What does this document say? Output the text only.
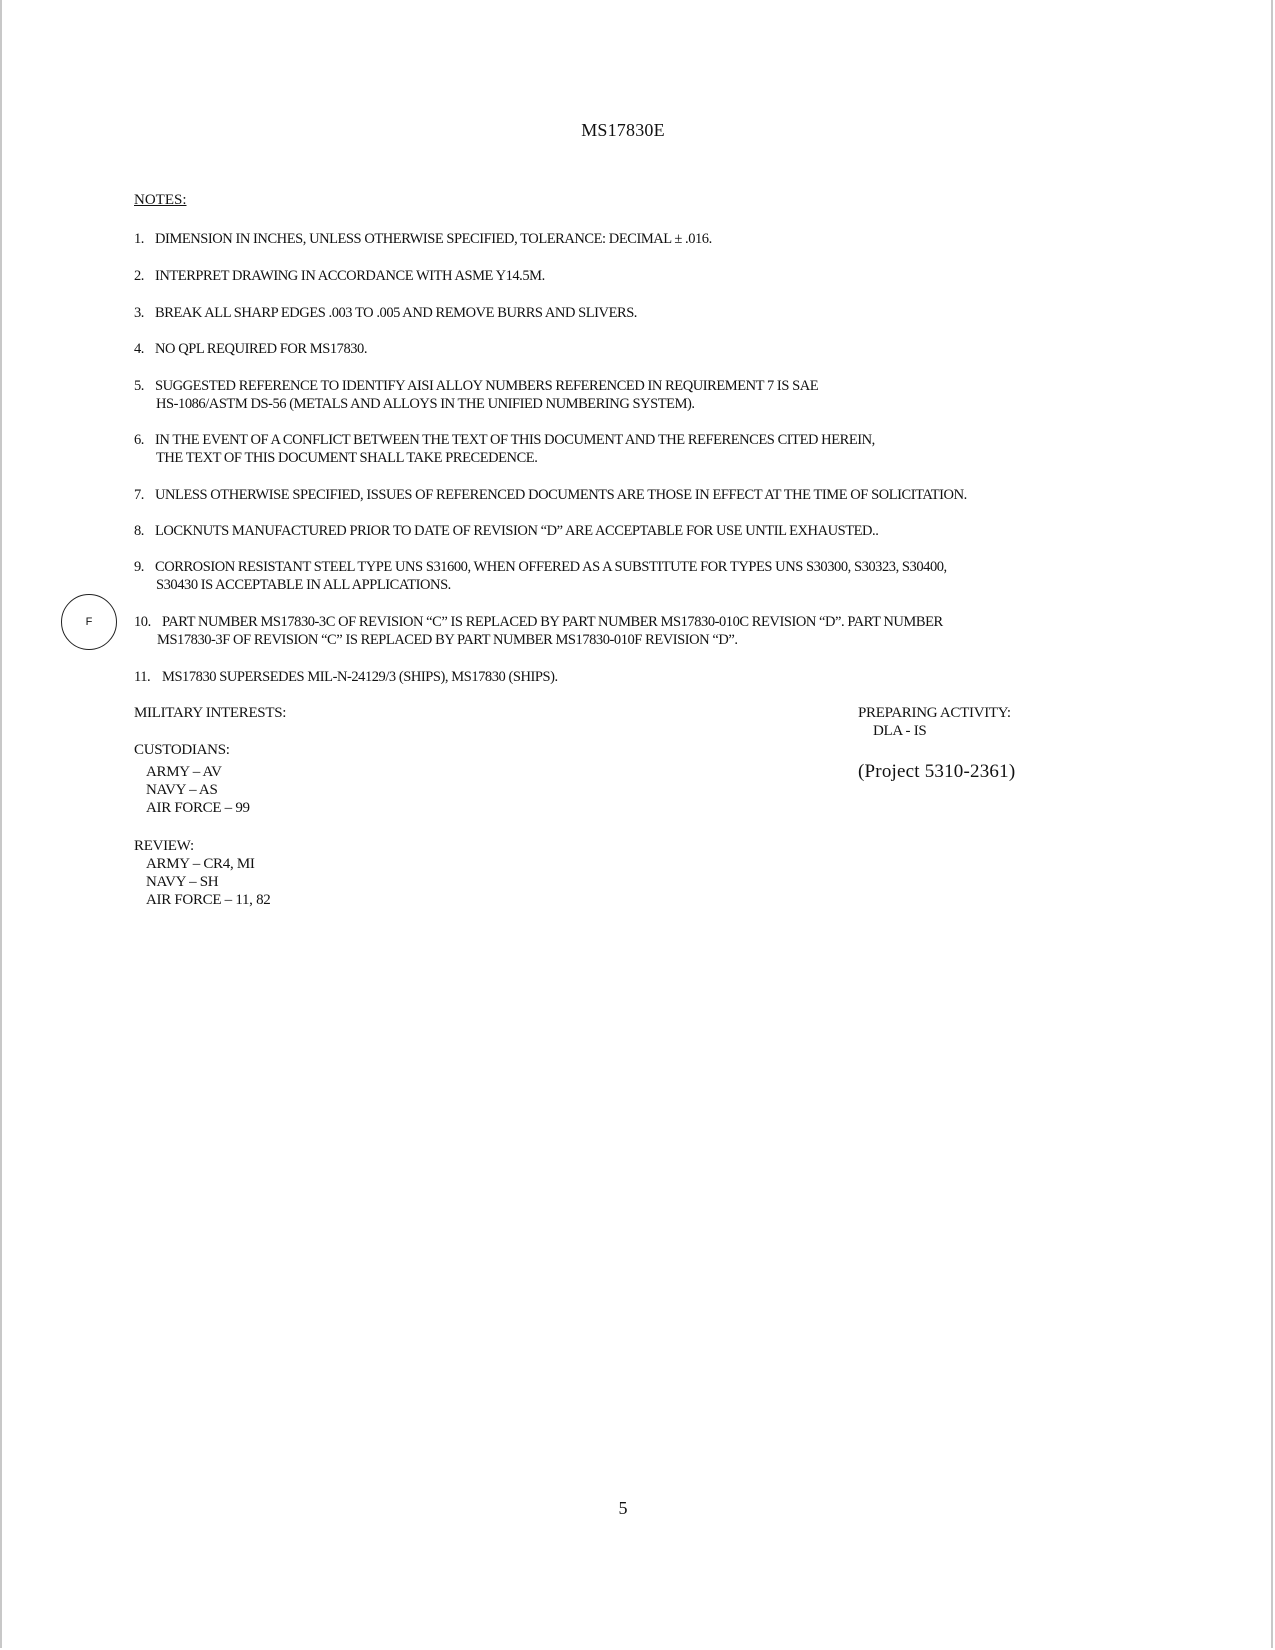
MS17830E
NOTES:
1. DIMENSION IN INCHES, UNLESS OTHERWISE SPECIFIED, TOLERANCE: DECIMAL ± .016.
2. INTERPRET DRAWING IN ACCORDANCE WITH ASME Y14.5M.
3. BREAK ALL SHARP EDGES .003 TO .005 AND REMOVE BURRS AND SLIVERS.
4. NO QPL REQUIRED FOR MS17830.
5. SUGGESTED REFERENCE TO IDENTIFY AISI ALLOY NUMBERS REFERENCED IN REQUIREMENT 7 IS SAE
HS-1086/ASTM DS-56 (METALS AND ALLOYS IN THE UNIFIED NUMBERING SYSTEM).
6. IN THE EVENT OF A CONFLICT BETWEEN THE TEXT OF THIS DOCUMENT AND THE REFERENCES CITED HEREIN,
THE TEXT OF THIS DOCUMENT SHALL TAKE PRECEDENCE.
7. UNLESS OTHERWISE SPECIFIED, ISSUES OF REFERENCED DOCUMENTS ARE THOSE IN EFFECT AT THE TIME OF SOLICITATION.
8. LOCKNUTS MANUFACTURED PRIOR TO DATE OF REVISION “D” ARE ACCEPTABLE FOR USE UNTIL EXHAUSTED..
9. CORROSION RESISTANT STEEL TYPE UNS S31600, WHEN OFFERED AS A SUBSTITUTE FOR TYPES UNS S30300, S30323, S30400,
S30430 IS ACCEPTABLE IN ALL APPLICATIONS.
F	10. PART NUMBER MS17830-3C OF REVISION “C” IS REPLACED BY PART NUMBER MS17830-010C REVISION “D”. PART NUMBER
MS17830-3F OF REVISION “C” IS REPLACED BY PART NUMBER MS17830-010F REVISION “D”.
11. MS17830 SUPERSEDES MIL-N-24129/3 (SHIPS), MS17830 (SHIPS).
MILITARY INTERESTS:
CUSTODIANS:
ARMY – AV
NAVY – AS
AIR FORCE – 99
REVIEW:
ARMY – CR4, MI
NAVY – SH
AIR FORCE – 11, 82
PREPARING ACTIVITY:
DLA - IS
(Project 5310-2361)
5
